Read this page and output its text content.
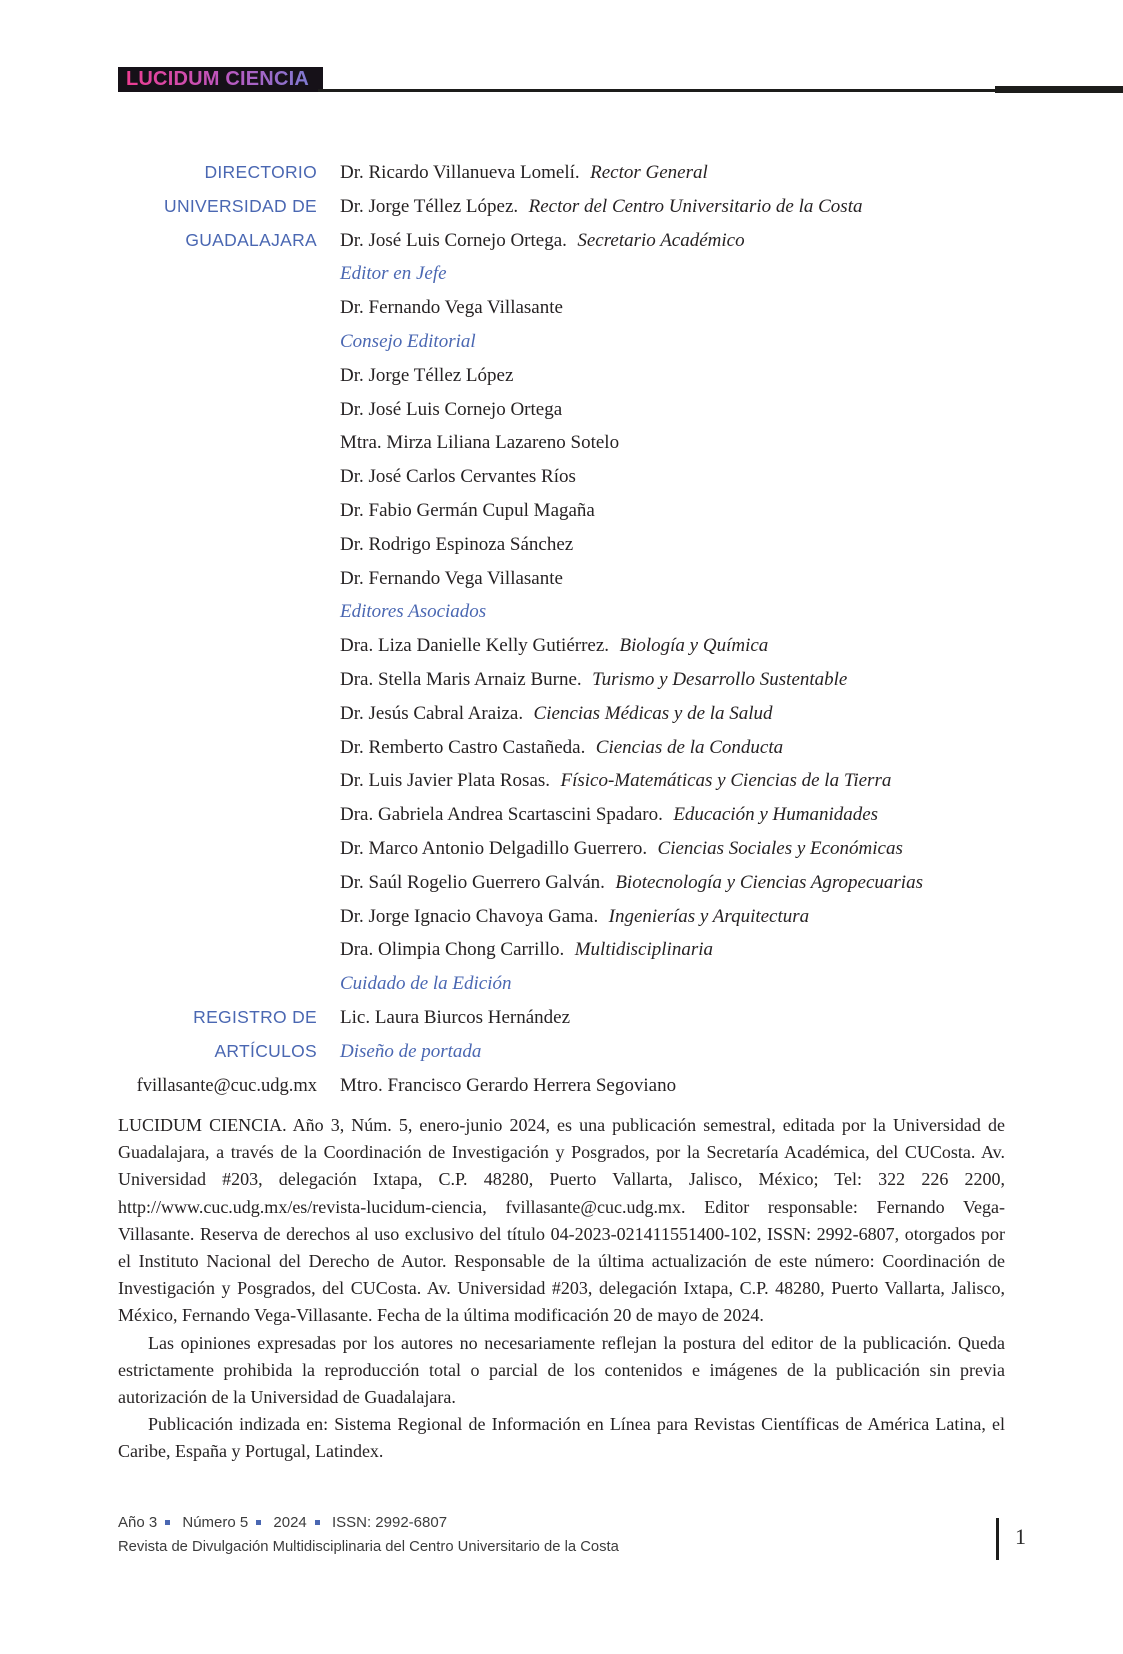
LUCIDUM CIENCIA
DIRECTORIO Dr. Ricardo Villanueva Lomelí. Rector General
UNIVERSIDAD DE Dr. Jorge Téllez López. Rector del Centro Universitario de la Costa
GUADALAJARA Dr. José Luis Cornejo Ortega. Secretario Académico
Editor en Jefe
Dr. Fernando Vega Villasante
Consejo Editorial
Dr. Jorge Téllez López
Dr. José Luis Cornejo Ortega
Mtra. Mirza Liliana Lazareno Sotelo
Dr. José Carlos Cervantes Ríos
Dr. Fabio Germán Cupul Magaña
Dr. Rodrigo Espinoza Sánchez
Dr. Fernando Vega Villasante
Editores Asociados
Dra. Liza Danielle Kelly Gutiérrez. Biología y Química
Dra. Stella Maris Arnaiz Burne. Turismo y Desarrollo Sustentable
Dr. Jesús Cabral Araiza. Ciencias Médicas y de la Salud
Dr. Remberto Castro Castañeda. Ciencias de la Conducta
Dr. Luis Javier Plata Rosas. Físico-Matemáticas y Ciencias de la Tierra
Dra. Gabriela Andrea Scartascini Spadaro. Educación y Humanidades
Dr. Marco Antonio Delgadillo Guerrero. Ciencias Sociales y Económicas
Dr. Saúl Rogelio Guerrero Galván. Biotecnología y Ciencias Agropecuarias
Dr. Jorge Ignacio Chavoya Gama. Ingenierías y Arquitectura
Dra. Olimpia Chong Carrillo. Multidisciplinaria
Cuidado de la Edición
REGISTRO DE Lic. Laura Biurcos Hernández
ARTÍCULOS Diseño de portada
fvillasante@cuc.udg.mx Mtro. Francisco Gerardo Herrera Segoviano

LUCIDUM CIENCIA. Año 3, Núm. 5, enero-junio 2024, es una publicación semestral, editada por la Universidad de Guadalajara, a través de la Coordinación de Investigación y Posgrados, por la Secretaría Académica, del CUCosta. Av. Universidad #203, delegación Ixtapa, C.P. 48280, Puerto Vallarta, Jalisco, México; Tel: 322 226 2200, http://www.cuc.udg.mx/es/revista-lucidum-ciencia, fvillasante@cuc.udg.mx. Editor responsable: Fernando Vega-Villasante. Reserva de derechos al uso exclusivo del título 04-2023-021411551400-102, ISSN: 2992-6807, otorgados por el Instituto Nacional del Derecho de Autor. Responsable de la última actualización de este número: Coordinación de Investigación y Posgrados, del CUCosta. Av. Universidad #203, delegación Ixtapa, C.P. 48280, Puerto Vallarta, Jalisco, México, Fernando Vega-Villasante. Fecha de la última modificación 20 de mayo de 2024.

Las opiniones expresadas por los autores no necesariamente reflejan la postura del editor de la publicación. Queda estrictamente prohibida la reproducción total o parcial de los contenidos e imágenes de la publicación sin previa autorización de la Universidad de Guadalajara.

Publicación indizada en: Sistema Regional de Información en Línea para Revistas Científicas de América Latina, el Caribe, España y Portugal, Latindex.

Año 3 Número 5 2024 ISSN: 2992-6807
Revista de Divulgación Multidisciplinaria del Centro Universitario de la Costa	1
